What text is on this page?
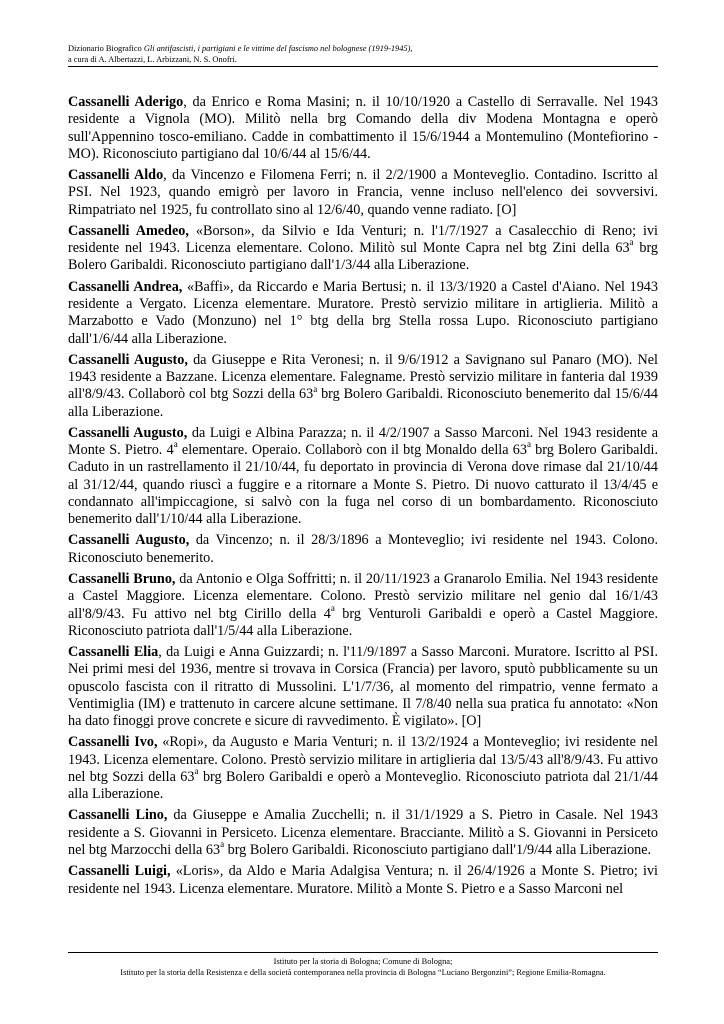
Dizionario Biografico Gli antifascisti, i partigiani e le vittime del fascismo nel bolognese (1919-1945),
a cura di A. Albertazzi, L. Arbizzani, N. S. Onofri.

Cassanelli Aderigo, da Enrico e Roma Masini; n. il 10/10/1920 a Castello di Serravalle. Nel 1943 residente a Vignola (MO). Militò nella brg Comando della div Modena Montagna e operò sull'Appennino tosco-emiliano. Cadde in combattimento il 15/6/1944 a Montemulino (Montefiorino - MO). Riconosciuto partigiano dal 10/6/44 al 15/6/44.

Cassanelli Aldo, da Vincenzo e Filomena Ferri; n. il 2/2/1900 a Monteveglio. Contadino. Iscritto al PSI. Nel 1923, quando emigrò per lavoro in Francia, venne incluso nell'elenco dei sovversivi. Rimpatriato nel 1925, fu controllato sino al 12/6/40, quando venne radiato. [O]

Cassanelli Amedeo, «Borson», da Silvio e Ida Venturi; n. l'1/7/1927 a Casalecchio di Reno; ivi residente nel 1943. Licenza elementare. Colono. Militò sul Monte Capra nel btg Zini della 63$^a$ brg Bolero Garibaldi. Riconosciuto partigiano dall'1/3/44 alla Liberazione.

Cassanelli Andrea, «Baffi», da Riccardo e Maria Bertusi; n. il 13/3/1920 a Castel d'Aiano. Nel 1943 residente a Vergato. Licenza elementare. Muratore. Prestò servizio militare in artiglieria. Militò a Marzabotto e Vado (Monzuno) nel 1° btg della brg Stella rossa Lupo. Riconosciuto partigiano dall'1/6/44 alla Liberazione.

Cassanelli Augusto, da Giuseppe e Rita Veronesi; n. il 9/6/1912 a Savignano sul Panaro (MO). Nel 1943 residente a Bazzane. Licenza elementare. Falegname. Prestò servizio militare in fanteria dal 1939 all'8/9/43. Collaborò col btg Sozzi della 63$^a$ brg Bolero Garibaldi. Riconosciuto benemerito dal 15/6/44 alla Liberazione.

Cassanelli Augusto, da Luigi e Albina Parazza; n. il 4/2/1907 a Sasso Marconi. Nel 1943 residente a Monte S. Pietro. 4$^a$ elementare. Operaio. Collaborò con il btg Monaldo della 63$^a$ brg Bolero Garibaldi. Caduto in un rastrellamento il 21/10/44, fu deportato in provincia di Verona dove rimase dal 21/10/44 al 31/12/44, quando riuscì a fuggire e a ritornare a Monte S. Pietro. Di nuovo catturato il 13/4/45 e condannato all'impiccagione, si salvò con la fuga nel corso di un bombardamento. Riconosciuto benemerito dall'1/10/44 alla Liberazione.

Cassanelli Augusto, da Vincenzo; n. il 28/3/1896 a Monteveglio; ivi residente nel 1943. Colono. Riconosciuto benemerito.

Cassanelli Bruno, da Antonio e Olga Soffritti; n. il 20/11/1923 a Granarolo Emilia. Nel 1943 residente a Castel Maggiore. Licenza elementare. Colono. Prestò servizio militare nel genio dal 16/1/43 all'8/9/43. Fu attivo nel btg Cirillo della 4$^a$ brg Venturoli Garibaldi e operò a Castel Maggiore. Riconosciuto patriota dall'1/5/44 alla Liberazione.

Cassanelli Elia, da Luigi e Anna Guizzardi; n. l'11/9/1897 a Sasso Marconi. Muratore. Iscritto al PSI. Nei primi mesi del 1936, mentre si trovava in Corsica (Francia) per lavoro, sputò pubblicamente su un opuscolo fascista con il ritratto di Mussolini. L'1/7/36, al momento del rimpatrio, venne fermato a Ventimiglia (IM) e trattenuto in carcere alcune settimane. Il 7/8/40 nella sua pratica fu annotato: «Non ha dato finoggi prove concrete e sicure di ravvedimento. È vigilato». [O]

Cassanelli Ivo, «Ropi», da Augusto e Maria Venturi; n. il 13/2/1924 a Monteveglio; ivi residente nel 1943. Licenza elementare. Colono. Prestò servizio militare in artiglieria dal 13/5/43 all'8/9/43. Fu attivo nel btg Sozzi della 63$^a$ brg Bolero Garibaldi e operò a Monteveglio. Riconosciuto patriota dal 21/1/44 alla Liberazione.

Cassanelli Lino, da Giuseppe e Amalia Zucchelli; n. il 31/1/1929 a S. Pietro in Casale. Nel 1943 residente a S. Giovanni in Persiceto. Licenza elementare. Bracciante. Militò a S. Giovanni in Persiceto nel btg Marzocchi della 63$^a$ brg Bolero Garibaldi. Riconosciuto partigiano dall'1/9/44 alla Liberazione.

Cassanelli Luigi, «Loris», da Aldo e Maria Adalgisa Ventura; n. il 26/4/1926 a Monte S. Pietro; ivi residente nel 1943. Licenza elementare. Muratore. Militò a Monte S. Pietro e a Sasso Marconi nel

Istituto per la storia di Bologna; Comune di Bologna;
Istituto per la storia della Resistenza e della società contemporanea nella provincia di Bologna “Luciano Bergonzini”; Regione Emilia-Romagna.
